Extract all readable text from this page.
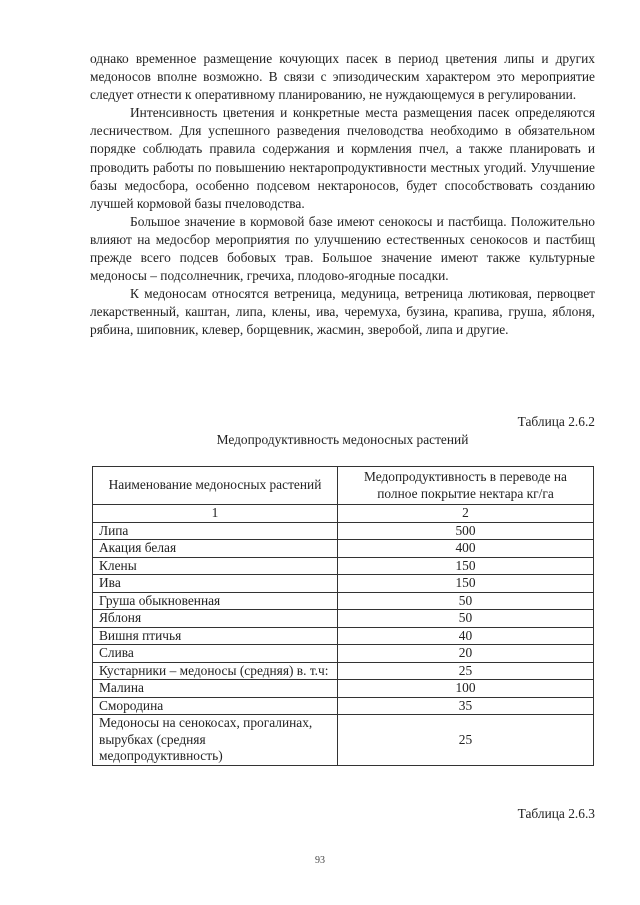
однако временное размещение кочующих пасек в период цветения липы и других медоносов вполне возможно. В связи с эпизодическим характером это мероприятие следует отнести к оперативному планированию, не нуждающемуся в регулировании.

Интенсивность цветения и конкретные места размещения пасек определяются лесничеством. Для успешного разведения пчеловодства необходимо в обязательном порядке соблюдать правила содержания и кормления пчел, а также планировать и проводить работы по повышению нектаропродуктивности местных угодий. Улучшение базы медосбора, особенно подсевом нектароносов, будет способствовать созданию лучшей кормовой базы пчеловодства.

Большое значение в кормовой базе имеют сенокосы и пастбища. Положительно влияют на медосбор мероприятия по улучшению естественных сенокосов и пастбищ прежде всего подсев бобовых трав. Большое значение имеют также культурные медоносы – подсолнечник, гречиха, плодово-ягодные посадки.

К медоносам относятся ветреница, медуница, ветреница лютиковая, первоцвет лекарственный, каштан, липа, клены, ива, черемуха, бузина, крапива, груша, яблоня, рябина, шиповник, клевер, борщевник, жасмин, зверобой, липа и другие.

Таблица 2.6.2
Медопродуктивность медоносных растений
Наименование медоносных растений	Медопродуктивность в переводе на полное покрытие нектара кг/га
1	2
Липа	500
Акация белая	400
Клены	150
Ива	150
Груша обыкновенная	50
Яблоня	50
Вишня птичья	40
Слива	20
Кустарники – медоносы (средняя) в. т.ч:	25
Малина	100
Смородина	35
Медоносы на сенокосах, прогалинах, вырубках (средняя медопродуктивность)	25
Таблица 2.6.3
93
